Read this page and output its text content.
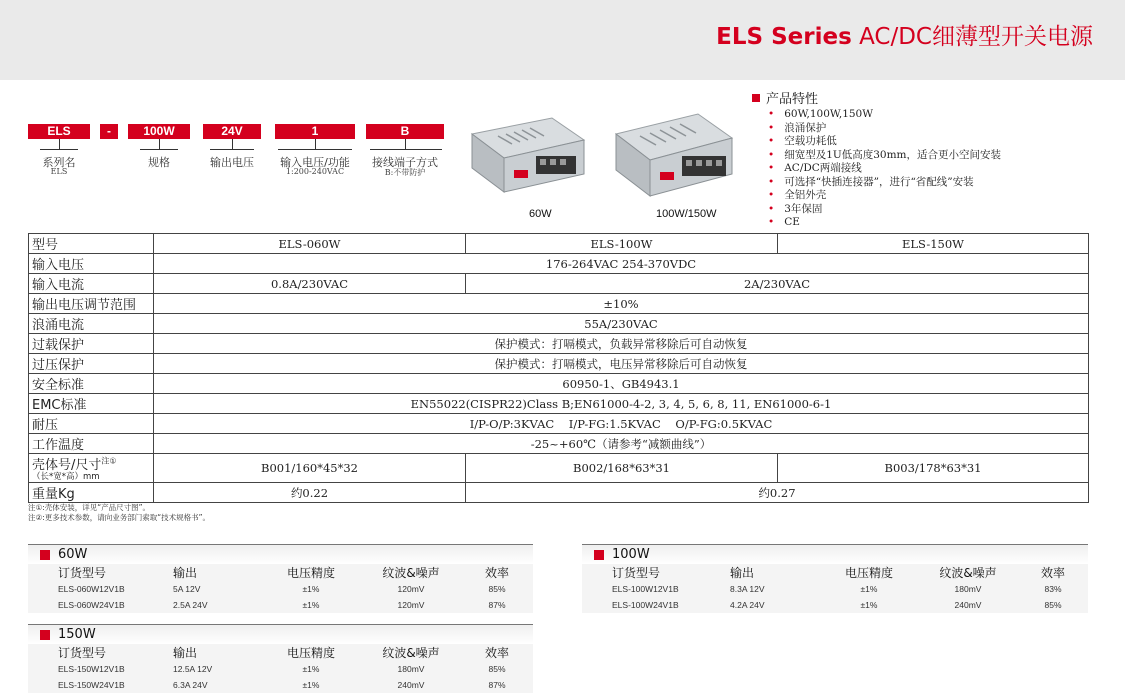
ELS Series AC/DC细薄型开关电源
ELS	-	100W	24V	1	B
系列名
ELS
规格	输出电压	输入电压/功能
1:200-240VAC
接线端子方式
B:不带防护
60W	100W/150W
产品特性
• 60W,100W,150W
• 浪涌保护
• 空载功耗低
• 细宽型及1U低高度30mm，适合更小空间安装
• AC/DC两端接线
• 可选择“快插连接器”，进行“省配线”安装
• 全铝外壳
• 3年保固
• CE
型号	ELS-060W	ELS-100W	ELS-150W
输入电压	176-264VAC 254-370VDC		
输入电流	0.8A/230VAC	2A/230VAC	
输出电压调节范围	±10%		
浪涌电流	55A/230VAC		
过载保护	保护模式：打嗝模式，负载异常移除后可自动恢复		
过压保护	保护模式：打嗝模式，电压异常移除后可自动恢复		
安全标准	60950-1、GB4943.1		
EMC标准	EN55022(CISPR22)Class B;EN61000-4-2, 3, 4, 5, 6, 8, 11, EN61000-6-1		
耐压	I/P-O/P:3KVAC    I/P-FG:1.5KVAC    O/P-FG:0.5KVAC		
工作温度	-25~+60℃（请参考“减额曲线”）		
壳体号/尺寸$^{注①}$
（长*宽*高）mm	B001/160*45*32	B002/168*63*31	B003/178*63*31
重量Kg	约0.22	约0.27	
注①:壳体安装，详见“产品尺寸图”。
注②:更多技术参数，请向业务部门索取“技术规格书”。
60W
订货型号	输出	电压精度	纹波&噪声	效率
ELS-060W12V1B	5A 12V	±1%	120mV	85%
ELS-060W24V1B	2.5A 24V	±1%	120mV	87%
150W
订货型号	输出	电压精度	纹波&噪声	效率
ELS-150W12V1B	12.5A 12V	±1%	180mV	85%
ELS-150W24V1B	6.3A 24V	±1%	240mV	87%
100W
订货型号	输出	电压精度	纹波&噪声	效率
ELS-100W12V1B	8.3A 12V	±1%	180mV	83%
ELS-100W24V1B	4.2A 24V	±1%	240mV	85%
